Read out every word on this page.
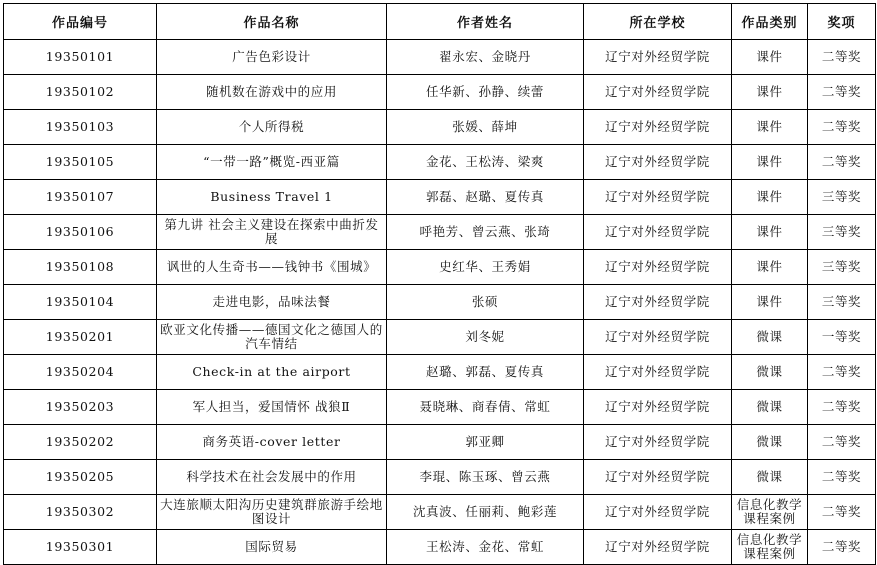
作品编号	作品名称	作者姓名	所在学校	作品类别	奖项
19350101	广告色彩设计	翟永宏、金晓丹	辽宁对外经贸学院	课件	二等奖
19350102	随机数在游戏中的应用	任华新、孙静、续蕾	辽宁对外经贸学院	课件	二等奖
19350103	个人所得税	张媛、薛坤	辽宁对外经贸学院	课件	二等奖
19350105	“一带一路”概览-西亚篇	金花、王松涛、梁爽	辽宁对外经贸学院	课件	二等奖
19350107	Business Travel 1	郭磊、赵璐、夏传真	辽宁对外经贸学院	课件	三等奖
19350106	第九讲 社会主义建设在探索中曲折发展	呼艳芳、曾云燕、张琦	辽宁对外经贸学院	课件	三等奖
19350108	讽世的人生奇书——钱钟书《围城》	史红华、王秀娟	辽宁对外经贸学院	课件	三等奖
19350104	走进电影，品味法餐	张硕	辽宁对外经贸学院	课件	三等奖
19350201	欧亚文化传播——德国文化之德国人的汽车情结	刘冬妮	辽宁对外经贸学院	微课	一等奖
19350204	Check-in at the airport	赵璐、郭磊、夏传真	辽宁对外经贸学院	微课	二等奖
19350203	军人担当，爱国情怀 战狼Ⅱ	聂晓琳、商春倩、常虹	辽宁对外经贸学院	微课	二等奖
19350202	商务英语-cover letter	郭亚卿	辽宁对外经贸学院	微课	二等奖
19350205	科学技术在社会发展中的作用	李琨、陈玉琢、曾云燕	辽宁对外经贸学院	微课	二等奖
19350302	大连旅顺太阳沟历史建筑群旅游手绘地图设计	沈真波、任丽莉、鲍彩莲	辽宁对外经贸学院	信息化教学课程案例	二等奖
19350301	国际贸易	王松涛、金花、常虹	辽宁对外经贸学院	信息化教学课程案例	二等奖
